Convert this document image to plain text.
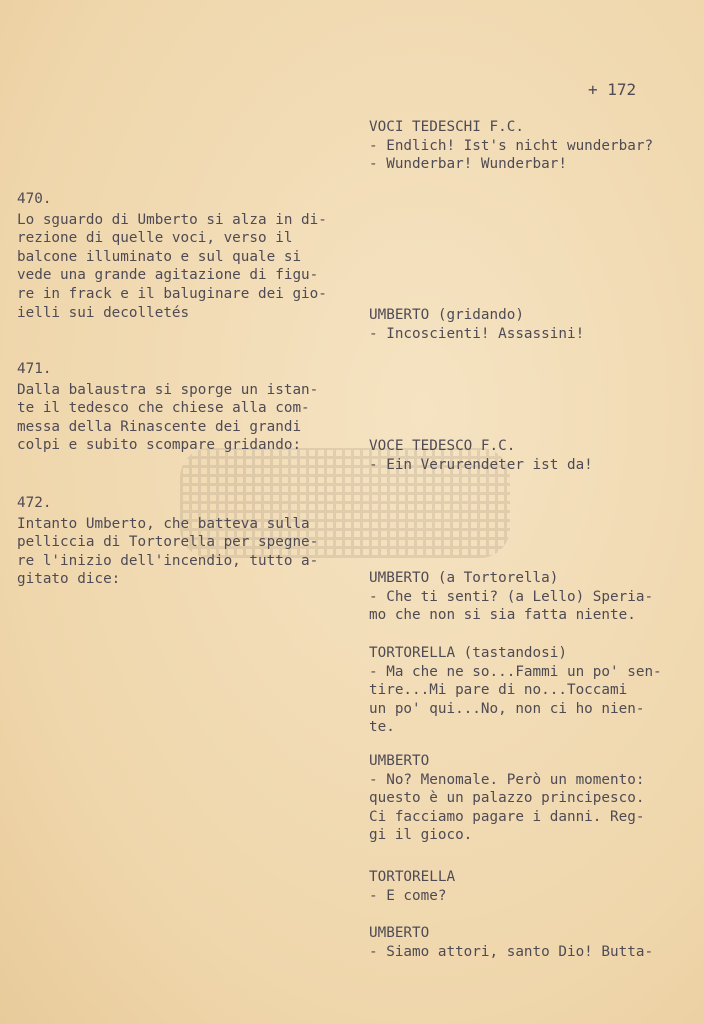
+ 172
470.
Lo sguardo di Umberto si alza in di-
rezione di quelle voci, verso il
balcone illuminato e sul quale si
vede una grande agitazione di figu-
re in frack e il baluginare dei gio-
ielli sui decolletés
471.
Dalla balaustra si sporge un istan-
te il tedesco che chiese alla com-
messa della Rinascente dei grandi
colpi e subito scompare gridando:
472.
Intanto Umberto, che batteva sulla
pelliccia di Tortorella per spegne-
re l'inizio dell'incendio, tutto a-
gitato dice:
VOCI TEDESCHI F.C.
- Endlich! Ist's nicht wunderbar?
- Wunderbar! Wunderbar!
UMBERTO (gridando)
- Incoscienti! Assassini!
VOCE TEDESCO F.C.
- Ein Verurendeter ist da!
UMBERTO (a Tortorella)
- Che ti senti? (a Lello) Speria-
mo che non si sia fatta niente.
TORTORELLA (tastandosi)
- Ma che ne so...Fammi un po' sen-
tire...Mi pare di no...Toccami
un po' qui...No, non ci ho nien-
te.
UMBERTO
- No? Menomale. Però un momento:
questo è un palazzo principesco.
Ci facciamo pagare i danni. Reg-
gi il gioco.
TORTORELLA
- E come?
UMBERTO
- Siamo attori, santo Dio! Butta-
